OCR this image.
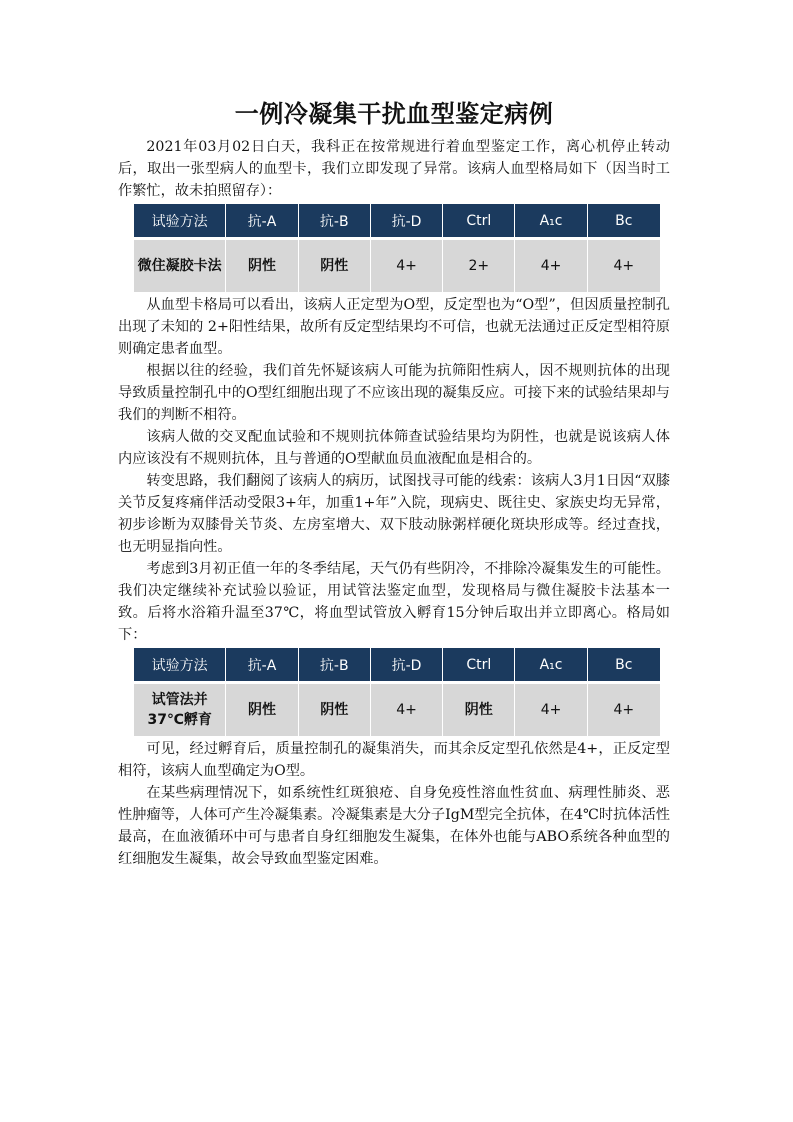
一例冷凝集干扰血型鉴定病例

2021年03月02日白天，我科正在按常规进行着血型鉴定工作，离心机停止转动后，取出一张型病人的血型卡，我们立即发现了异常。该病人血型格局如下（因当时工作繁忙，故未拍照留存）：

试验方法	抗-A	抗-B	抗-D	Ctrl	A₁c	Bc
微住凝胶卡法	阴性	阴性	4+	2+	4+	4+

从血型卡格局可以看出，该病人正定型为O型，反定型也为“O型”，但因质量控制孔出现了未知的 2+阳性结果，故所有反定型结果均不可信，也就无法通过正反定型相符原则确定患者血型。

根据以往的经验，我们首先怀疑该病人可能为抗筛阳性病人，因不规则抗体的出现导致质量控制孔中的O型红细胞出现了不应该出现的凝集反应。可接下来的试验结果却与我们的判断不相符。

该病人做的交叉配血试验和不规则抗体筛查试验结果均为阴性，也就是说该病人体内应该没有不规则抗体，且与普通的O型献血员血液配血是相合的。

转变思路，我们翻阅了该病人的病历，试图找寻可能的线索：该病人3月1日因“双膝关节反复疼痛伴活动受限3+年，加重1+年”入院，现病史、既往史、家族史均无异常，初步诊断为双膝骨关节炎、左房室增大、双下肢动脉粥样硬化斑块形成等。经过查找，也无明显指向性。

考虑到3月初正值一年的冬季结尾，天气仍有些阴冷，不排除冷凝集发生的可能性。我们决定继续补充试验以验证，用试管法鉴定血型，发现格局与微住凝胶卡法基本一致。后将水浴箱升温至37℃，将血型试管放入孵育15分钟后取出并立即离心。格局如下：

试验方法	抗-A	抗-B	抗-D	Ctrl	A₁c	Bc
试管法并37℃孵育	阴性	阴性	4+	阴性	4+	4+

可见，经过孵育后，质量控制孔的凝集消失，而其余反定型孔依然是4+，正反定型相符，该病人血型确定为O型。

在某些病理情况下，如系统性红斑狼疮、自身免疫性溶血性贫血、病理性肺炎、恶性肿瘤等，人体可产生冷凝集素。冷凝集素是大分子IgM型完全抗体，在4℃时抗体活性最高，在血液循环中可与患者自身红细胞发生凝集，在体外也能与ABO系统各种血型的红细胞发生凝集，故会导致血型鉴定困难。
